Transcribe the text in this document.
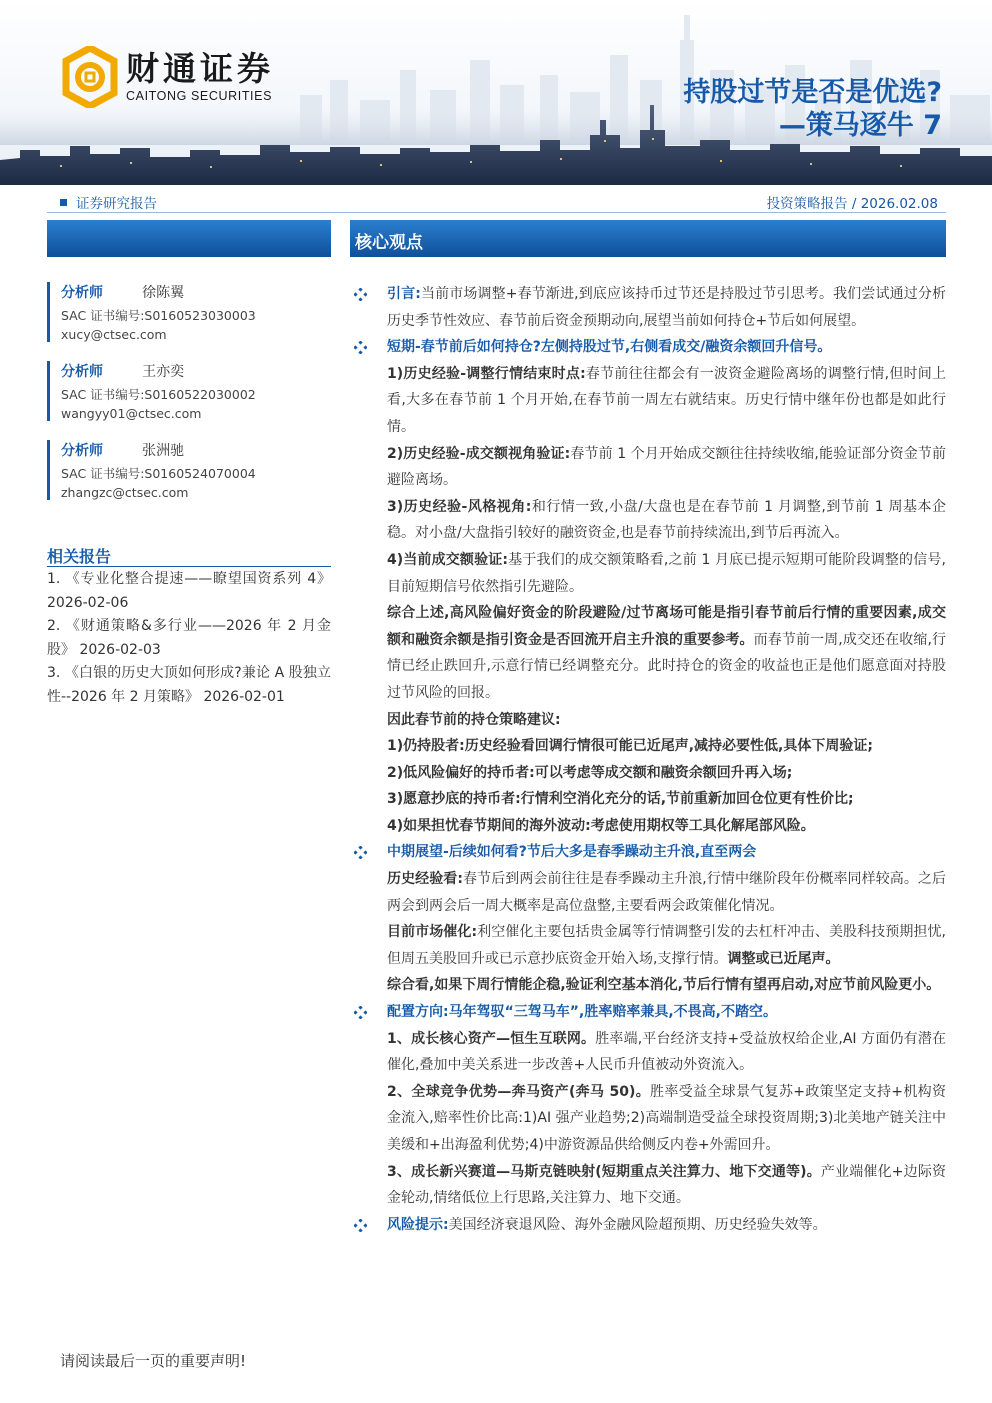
财通证券
CAITONG SECURITIES	持股过节是否是优选?
—策马逐牛 7
证券研究报告	投资策略报告 / 2026.02.08
核心观点
分析师	徐陈翼
SAC 证书编号:S0160523030003
xucy@ctsec.com
分析师	王亦奕
SAC 证书编号:S0160522030002
wangyy01@ctsec.com
分析师	张洲驰
SAC 证书编号:S0160524070004
zhangzc@ctsec.com
相关报告
1. 《专业化整合提速——瞭望国资系列 4》 2026-02-06
2. 《财通策略&多行业——2026 年 2 月金股》 2026-02-03
3. 《白银的历史大顶如何形成?兼论 A 股独立性--2026 年 2 月策略》 2026-02-01
引言:当前市场调整+春节渐进,到底应该持币过节还是持股过节引思考。我们尝试通过分析历史季节性效应、春节前后资金预期动向,展望当前如何持仓+节后如何展望。
短期-春节前后如何持仓?左侧持股过节,右侧看成交/融资余额回升信号。
1)历史经验-调整行情结束时点:春节前往往都会有一波资金避险离场的调整行情,但时间上看,大多在春节前 1 个月开始,在春节前一周左右就结束。历史行情中继年份也都是如此行情。
2)历史经验-成交额视角验证:春节前 1 个月开始成交额往往持续收缩,能验证部分资金节前避险离场。
3)历史经验-风格视角:和行情一致,小盘/大盘也是在春节前 1 月调整,到节前 1 周基本企稳。对小盘/大盘指引较好的融资资金,也是春节前持续流出,到节后再流入。
4)当前成交额验证:基于我们的成交额策略看,之前 1 月底已提示短期可能阶段调整的信号,目前短期信号依然指引先避险。
综合上述,高风险偏好资金的阶段避险/过节离场可能是指引春节前后行情的重要因素,成交额和融资余额是指引资金是否回流开启主升浪的重要参考。而春节前一周,成交还在收缩,行情已经止跌回升,示意行情已经调整充分。此时持仓的资金的收益也正是他们愿意面对持股过节风险的回报。
因此春节前的持仓策略建议:
1)仍持股者:历史经验看回调行情很可能已近尾声,减持必要性低,具体下周验证;
2)低风险偏好的持币者:可以考虑等成交额和融资余额回升再入场;
3)愿意抄底的持币者:行情利空消化充分的话,节前重新加回仓位更有性价比;
4)如果担忧春节期间的海外波动:考虑使用期权等工具化解尾部风险。
中期展望-后续如何看?节后大多是春季躁动主升浪,直至两会
历史经验看:春节后到两会前往往是春季躁动主升浪,行情中继阶段年份概率同样较高。之后两会到两会后一周大概率是高位盘整,主要看两会政策催化情况。
目前市场催化:利空催化主要包括贵金属等行情调整引发的去杠杆冲击、美股科技预期担忧,但周五美股回升或已示意抄底资金开始入场,支撑行情。调整或已近尾声。
综合看,如果下周行情能企稳,验证利空基本消化,节后行情有望再启动,对应节前风险更小。
配置方向:马年驾驭“三驾马车”,胜率赔率兼具,不畏高,不踏空。
1、成长核心资产—恒生互联网。胜率端,平台经济支持+受益放权给企业,AI 方面仍有潜在催化,叠加中美关系进一步改善+人民币升值被动外资流入。
2、全球竞争优势—奔马资产(奔马 50)。胜率受益全球景气复苏+政策坚定支持+机构资金流入,赔率性价比高:1)AI 强产业趋势;2)高端制造受益全球投资周期;3)北美地产链关注中美缓和+出海盈利优势;4)中游资源品供给侧反内卷+外需回升。
3、成长新兴赛道—马斯克链映射(短期重点关注算力、地下交通等)。产业端催化+边际资金轮动,情绪低位上行思路,关注算力、地下交通。
风险提示:美国经济衰退风险、海外金融风险超预期、历史经验失效等。
请阅读最后一页的重要声明!
